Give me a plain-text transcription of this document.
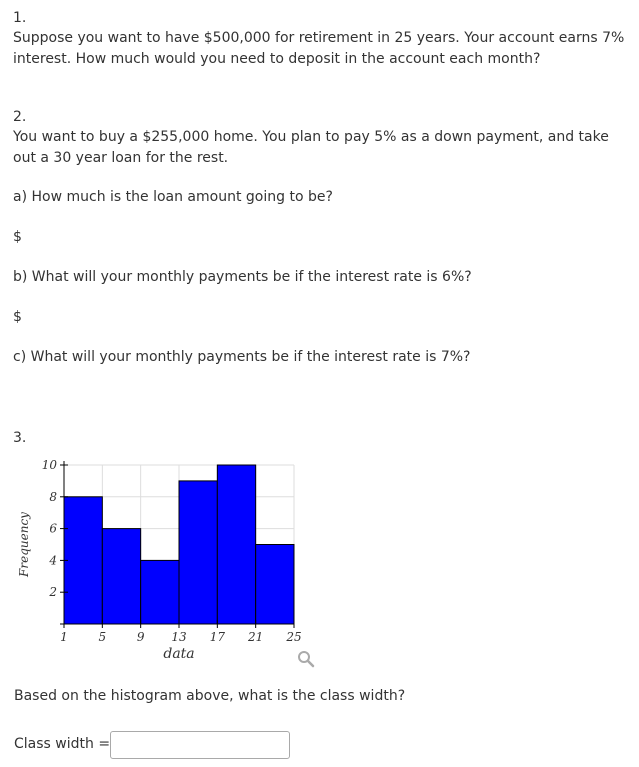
1.
Suppose you want to have $500,000 for retirement in 25 years. Your account earns 7% interest. How much would you need to deposit in the account each month?
2.
You want to buy a $255,000 home. You plan to pay 5% as a down payment, and take out a 30 year loan for the rest.
a) How much is the loan amount going to be?
$
b) What will your monthly payments be if the interest rate is 6%?
$
c) What will your monthly payments be if the interest rate is 7%?
3.
2
4
6
8
10
1	5	9 13 17 21 25
data
Frequency
Based on the histogram above, what is the class width?
Class width =
